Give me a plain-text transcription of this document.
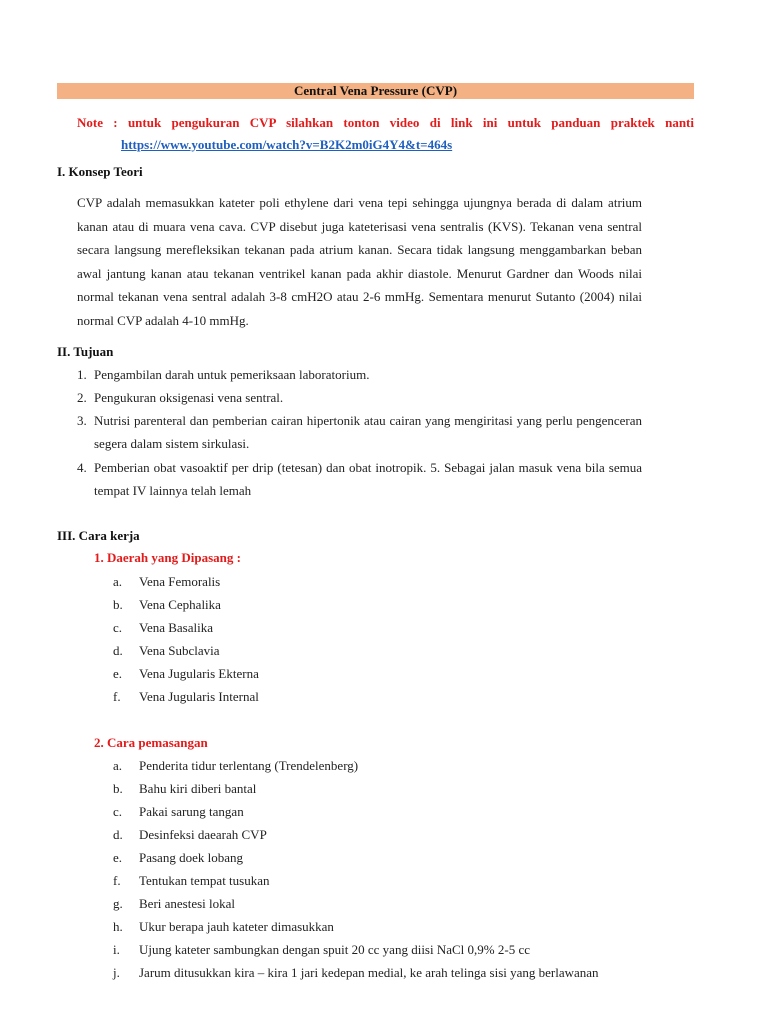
Central Vena Pressure (CVP)
Note : untuk pengukuran CVP silahkan tonton video di link ini untuk panduan praktek nanti
https://www.youtube.com/watch?v=B2K2m0iG4Y4&t=464s
I. Konsep Teori
CVP adalah memasukkan kateter poli ethylene dari vena tepi sehingga ujungnya berada di dalam atrium kanan atau di muara vena cava. CVP disebut juga kateterisasi vena sentralis (KVS). Tekanan vena sentral secara langsung merefleksikan tekanan pada atrium kanan. Secara tidak langsung menggambarkan beban awal jantung kanan atau tekanan ventrikel kanan pada akhir diastole. Menurut Gardner dan Woods nilai normal tekanan vena sentral adalah 3-8 cmH2O atau 2-6 mmHg. Sementara menurut Sutanto (2004) nilai normal CVP adalah 4-10 mmHg.
II. Tujuan
1. Pengambilan darah untuk pemeriksaan laboratorium.
2. Pengukuran oksigenasi vena sentral.
3. Nutrisi parenteral dan pemberian cairan hipertonik atau cairan yang mengiritasi yang perlu pengenceran segera dalam sistem sirkulasi.
4. Pemberian obat vasoaktif per drip (tetesan) dan obat inotropik. 5. Sebagai jalan masuk vena bila semua tempat IV lainnya telah lemah
III. Cara kerja
1. Daerah yang Dipasang :
a. Vena Femoralis
b. Vena Cephalika
c. Vena Basalika
d. Vena Subclavia
e. Vena Jugularis Ekterna
f. Vena Jugularis Internal
2. Cara pemasangan
a. Penderita tidur terlentang (Trendelenberg)
b. Bahu kiri diberi bantal
c. Pakai sarung tangan
d. Desinfeksi daearah CVP
e. Pasang doek lobang
f. Tentukan tempat tusukan
g. Beri anestesi lokal
h. Ukur berapa jauh kateter dimasukkan
i. Ujung kateter sambungkan dengan spuit 20 cc yang diisi NaCl 0,9% 2-5 cc
j. Jarum ditusukkan kira – kira 1 jari kedepan medial, ke arah telinga sisi yang berlawanan
